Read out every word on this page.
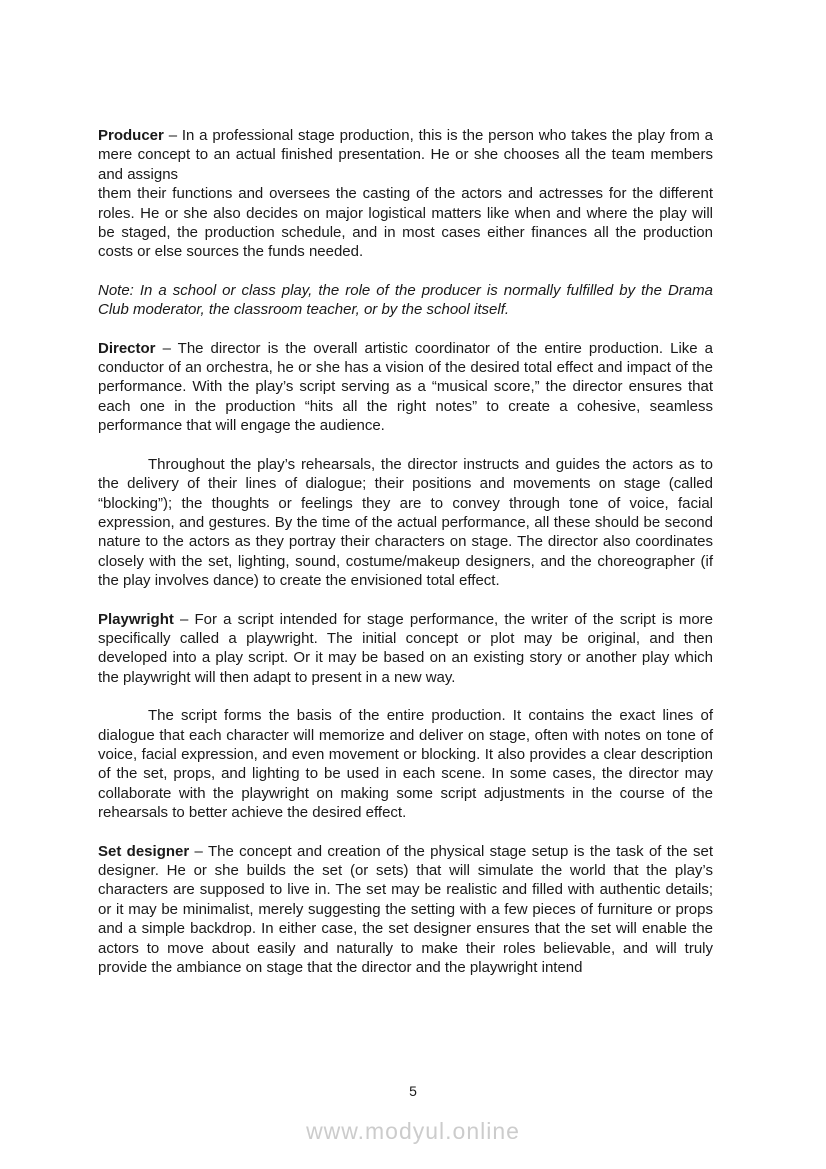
Producer – In a professional stage production, this is the person who takes the play from a mere concept to an actual finished presentation. He or she chooses all the team members and assigns
them their functions and oversees the casting of the actors and actresses for the different roles. He or she also decides on major logistical matters like when and where the play will be staged, the production schedule, and in most cases either finances all the production costs or else sources the funds needed.

Note: In a school or class play, the role of the producer is normally fulfilled by the Drama Club moderator, the classroom teacher, or by the school itself.

Director – The director is the overall artistic coordinator of the entire production. Like a conductor of an orchestra, he or she has a vision of the desired total effect and impact of the performance. With the play’s script serving as a “musical score,” the director ensures that each one in the production “hits all the right notes” to create a cohesive, seamless performance that will engage the audience.

Throughout the play’s rehearsals, the director instructs and guides the actors as to the delivery of their lines of dialogue; their positions and movements on stage (called “blocking”); the thoughts or feelings they are to convey through tone of voice, facial expression, and gestures. By the time of the actual performance, all these should be second nature to the actors as they portray their characters on stage. The director also coordinates closely with the set, lighting, sound, costume/makeup designers, and the choreographer (if the play involves dance) to create the envisioned total effect.

Playwright – For a script intended for stage performance, the writer of the script is more specifically called a playwright. The initial concept or plot may be original, and then developed into a play script. Or it may be based on an existing story or another play which the playwright will then adapt to present in a new way.

The script forms the basis of the entire production. It contains the exact lines of dialogue that each character will memorize and deliver on stage, often with notes on tone of voice, facial expression, and even movement or blocking. It also provides a clear description of the set, props, and lighting to be used in each scene. In some cases, the director may collaborate with the playwright on making some script adjustments in the course of the rehearsals to better achieve the desired effect.

Set designer – The concept and creation of the physical stage setup is the task of the set designer. He or she builds the set (or sets) that will simulate the world that the play’s characters are supposed to live in. The set may be realistic and filled with authentic details; or it may be minimalist, merely suggesting the setting with a few pieces of furniture or props and a simple backdrop. In either case, the set designer ensures that the set will enable the actors to move about easily and naturally to make their roles believable, and will truly provide the ambiance on stage that the director and the playwright intend

5
www.modyul.online
